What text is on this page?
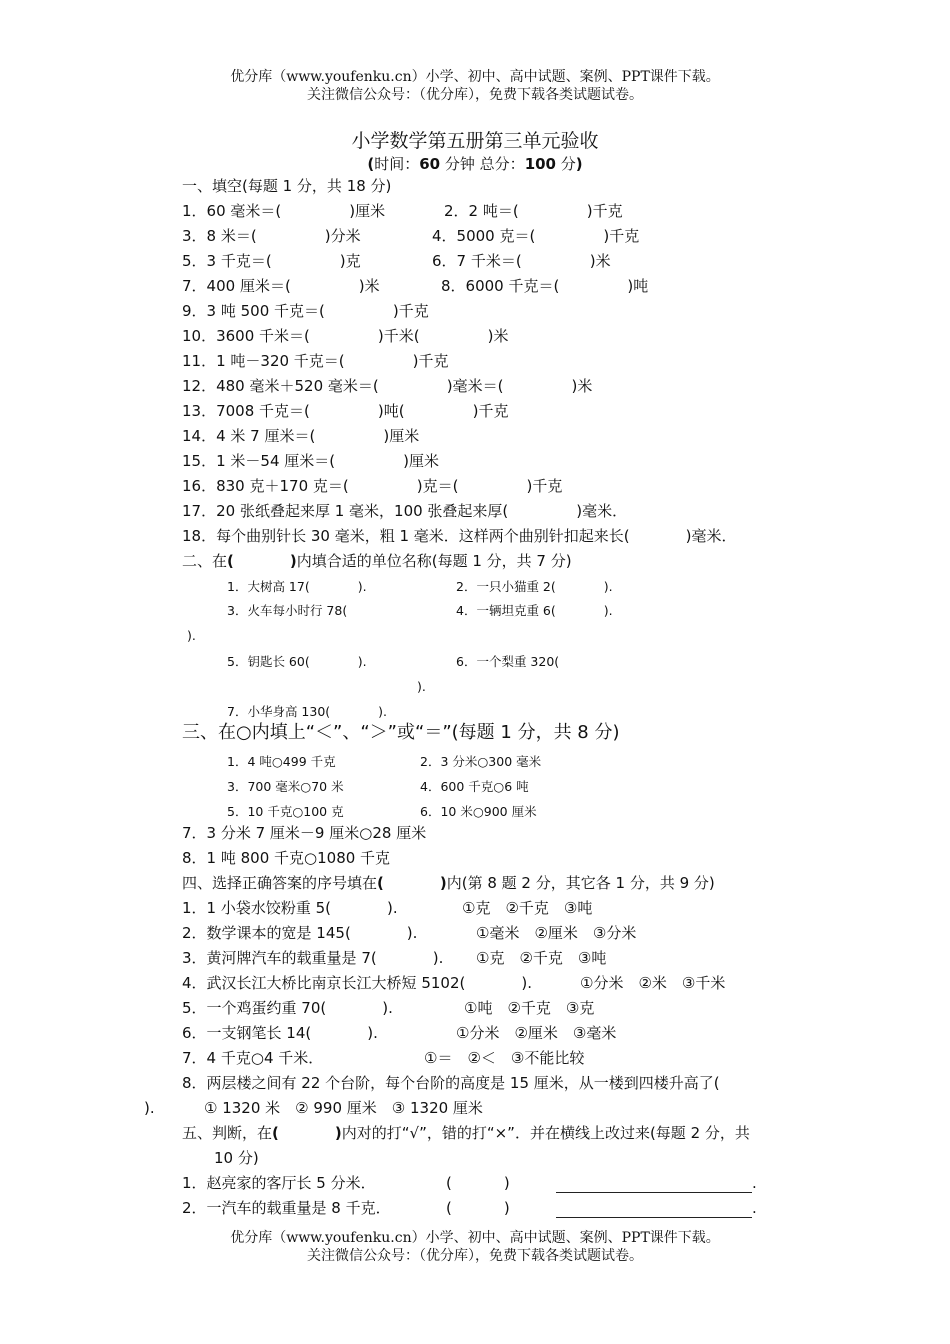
优分库（www.youfenku.cn）小学、初中、高中试题、案例、PPT课件下载。
关注微信公众号：（优分库），免费下载各类试题试卷。
小学数学第五册第三单元验收
(时间：60 分钟 总分：100 分)
一、填空(每题 1 分，共 18 分)
1．60 毫米＝(	)厘米	2．2 吨＝(	)千克
3．8 米＝(	)分米	4．5000 克＝(	)千克
5．3 千克＝(	)克	6．7 千米＝(	)米
7．400 厘米＝(	)米	8．6000 千克＝(	)吨
9．3 吨 500 千克＝(	)千克
10．3600 千米＝(	)千米(	)米
11．1 吨－320 千克＝(	)千克
12．480 毫米＋520 毫米＝(	)毫米＝(	)米
13．7008 千克＝(	)吨(	)千克
14．4 米 7 厘米＝(	)厘米
15．1 米－54 厘米＝(	)厘米
16．830 克＋170 克＝(	)克＝(	)千克
17．20 张纸叠起来厚 1 毫米，100 张叠起来厚(	)毫米．
18．每个曲别针长 30 毫米，粗 1 毫米．这样两个曲别针扣起来长(	)毫米．
二、在(	)内填合适的单位名称(每题 1 分，共 7 分)
1．大树高 17(	).	2．一只小猫重 2(	).
3．火车每小时行 78(	4．一辆坦克重 6(	).
).
5．钥匙长 60(	).	6．一个梨重 320(
).
7．小华身高 130(	).
三、在○内填上“＜”、“＞”或“＝”(每题 1 分，共 8 分)
1．4 吨○499 千克	2．3 分米○300 毫米
3．700 毫米○70 米	4．600 千克○6 吨
5．10 千克○100 克	6．10 米○900 厘米
7．3 分米 7 厘米－9 厘米○28 厘米
8．1 吨 800 千克○1080 千克
四、选择正确答案的序号填在(	)内(第 8 题 2 分，其它各 1 分，共 9 分)
1．1 小袋水饺粉重 5(	).	①克　②千克　③吨
2．数学课本的宽是 145(	).	①毫米　②厘米　③分米
3．黄河牌汽车的载重量是 7(	). ①克　②千克　③吨
4．武汉长江大桥比南京长江大桥短 5102(	).	①分米　②米　③千米
5．一个鸡蛋约重 70(	).	①吨　②千克　③克
6．一支钢笔长 14(	).	①分米　②厘米　③毫米
7．4 千克○4 千米．	①＝　②＜　③不能比较
8．两层楼之间有 22 个台阶，每个台阶的高度是 15 厘米，从一楼到四楼升高了(
).	① 1320 米　② 990 厘米　③ 1320 厘米
五、判断，在(	)内对的打“√”，错的打“×”．并在横线上改过来(每题 2 分，共
10 分)
1．赵亮家的客厅长 5 分米．	(	)	.
2．一汽车的载重量是 8 千克．	(	)	.
优分库（www.youfenku.cn）小学、初中、高中试题、案例、PPT课件下载。
关注微信公众号：（优分库），免费下载各类试题试卷。
